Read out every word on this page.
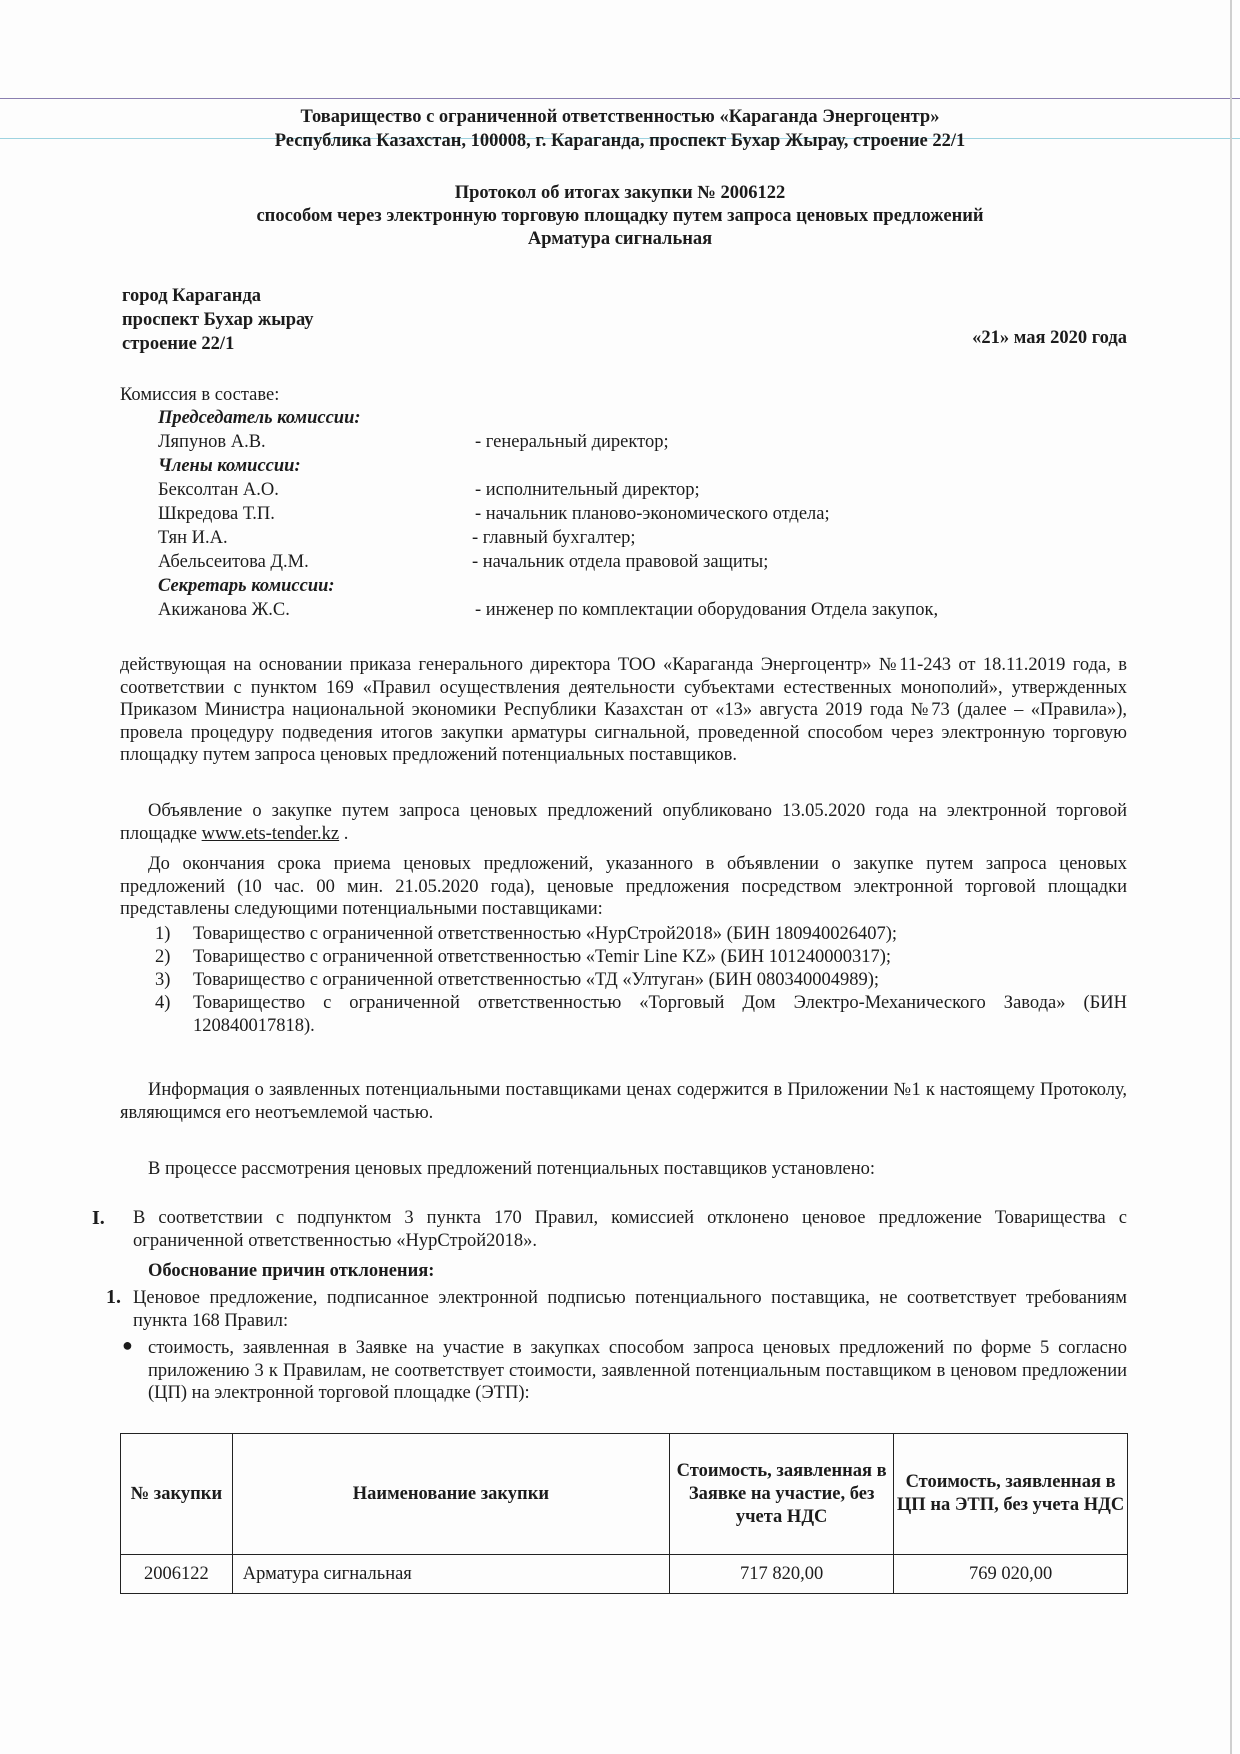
Товарищество с ограниченной ответственностью «Караганда Энергоцентр»

Республика Казахстан, 100008, г. Караганда, проспект Бухар Жырау, строение 22/1

Протокол об итогах закупки № 2006122

способом через электронную торговую площадку путем запроса ценовых предложений

Арматура сигнальная

город Караганда

проспект Бухар жырау

строение 22/1	«21» мая 2020 года

Комиссия в составе:

Председатель комиссии:
Ляпунов А.В.	- генеральный директор;
Члены комиссии:
Бексолтан А.О.	- исполнительный директор;
Шкредова Т.П.	- начальник планово-экономического отдела;
Тян И.А.	- главный бухгалтер;
Абельсеитова Д.М.	- начальник отдела правовой защиты;
Секретарь комиссии:
Акижанова Ж.С.	- инженер по комплектации оборудования Отдела закупок,

действующая на основании приказа генерального директора ТОО «Караганда Энергоцентр» №11-243 от 18.11.2019 года, в соответствии с пунктом 169 «Правил осуществления деятельности субъектами естественных монополий», утвержденных Приказом Министра национальной экономики Республики Казахстан от «13» августа 2019 года №73 (далее – «Правила»), провела процедуру подведения итогов закупки арматуры сигнальной, проведенной способом через электронную торговую площадку путем запроса ценовых предложений потенциальных поставщиков.

Объявление о закупке путем запроса ценовых предложений опубликовано 13.05.2020 года на электронной торговой площадке www.ets-tender.kz .

До окончания срока приема ценовых предложений, указанного в объявлении о закупке путем запроса ценовых предложений (10 час. 00 мин. 21.05.2020 года), ценовые предложения посредством электронной торговой площадки представлены следующими потенциальными поставщиками:

1) Товарищество с ограниченной ответственностью «НурСтрой2018» (БИН 180940026407);
2) Товарищество с ограниченной ответственностью «Temir Line KZ» (БИН 101240000317);
3) Товарищество с ограниченной ответственностью «ТД «Ултуган» (БИН 080340004989);
4) Товарищество с ограниченной ответственностью «Торговый Дом Электро-Механического Завода» (БИН 120840017818).

Информация о заявленных потенциальными поставщиками ценах содержится в Приложении №1 к настоящему Протоколу, являющимся его неотъемлемой частью.

В процессе рассмотрения ценовых предложений потенциальных поставщиков установлено:

I. В соответствии с подпунктом 3 пункта 170 Правил, комиссией отклонено ценовое предложение Товарищества с ограниченной ответственностью «НурСтрой2018».

Обоснование причин отклонения:

1. Ценовое предложение, подписанное электронной подписью потенциального поставщика, не соответствует требованиям пункта 168 Правил:

● стоимость, заявленная в Заявке на участие в закупках способом запроса ценовых предложений по форме 5 согласно приложению 3 к Правилам, не соответствует стоимости, заявленной потенциальным поставщиком в ценовом предложении (ЦП) на электронной торговой площадке (ЭТП):

№ закупки	Наименование закупки	Стоимость, заявленная в Заявке на участие, без учета НДС	Стоимость, заявленная в ЦП на ЭТП, без учета НДС
2006122	Арматура сигнальная	717 820,00	769 020,00
